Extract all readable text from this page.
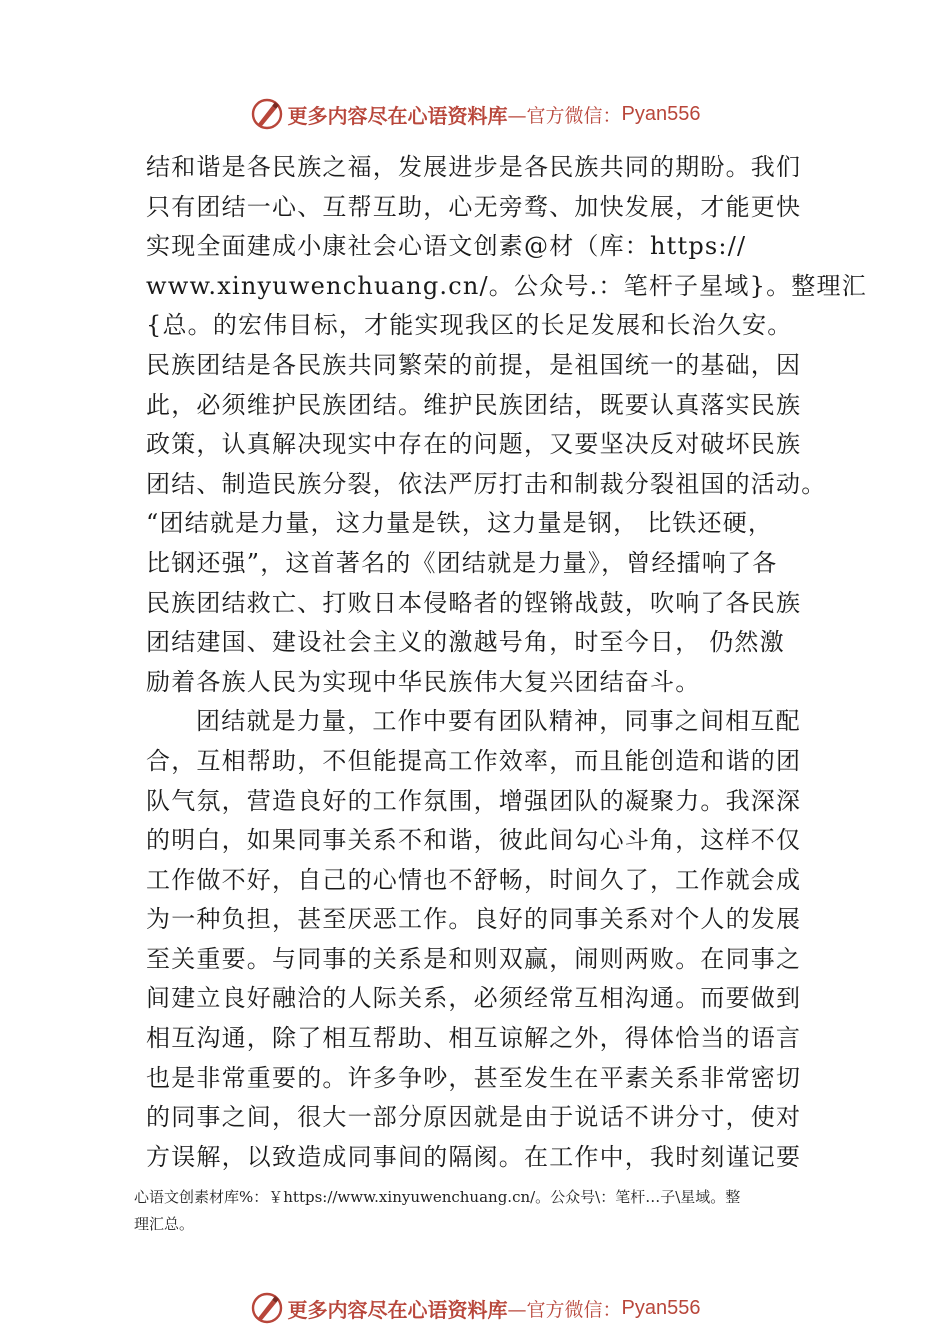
更多内容尽在心语资料库 —官方微信： Pyan556
结和谐是各民族之福，发展进步是各民族共同的期盼。我们
只有团结一心、互帮互助，心无旁骛、加快发展，才能更快
实现全面建成小康社会心语文创素@材（库：https://
www.xinyuwenchuang.cn/。公众号.：笔杆子星域}。整理汇
{总。的宏伟目标，才能实现我区的长足发展和长治久安。
民族团结是各民族共同繁荣的前提，是祖国统一的基础，因
此，必须维护民族团结。维护民族团结，既要认真落实民族
政策，认真解决现实中存在的问题，又要坚决反对破坏民族
团结、制造民族分裂，依法严厉打击和制裁分裂祖国的活动。
“团结就是力量，这力量是铁，这力量是钢， 比铁还硬，
比钢还强”，这首著名的《团结就是力量》，曾经擂响了各
民族团结救亡、打败日本侵略者的铿锵战鼓，吹响了各民族
团结建国、建设社会主义的激越号角，时至今日， 仍然激
励着各族人民为实现中华民族伟大复兴团结奋斗。
团结就是力量，工作中要有团队精神，同事之间相互配
合，互相帮助，不但能提高工作效率，而且能创造和谐的团
队气氛，营造良好的工作氛围，增强团队的凝聚力。我深深
的明白，如果同事关系不和谐，彼此间勾心斗角，这样不仅
工作做不好，自己的心情也不舒畅，时间久了，工作就会成
为一种负担，甚至厌恶工作。良好的同事关系对个人的发展
至关重要。与同事的关系是和则双赢，闹则两败。在同事之
间建立良好融洽的人际关系，必须经常互相沟通。而要做到
相互沟通，除了相互帮助、相互谅解之外，得体恰当的语言
也是非常重要的。许多争吵，甚至发生在平素关系非常密切
的同事之间，很大一部分原因就是由于说话不讲分寸，使对
方误解，以致造成同事间的隔阂。在工作中，我时刻谨记要
心语文创素材库%：￥https://www.xinyuwenchuang.cn/。公众号\：笔杆…子\星域。整
理汇总。
更多内容尽在心语资料库 —官方微信： Pyan556
